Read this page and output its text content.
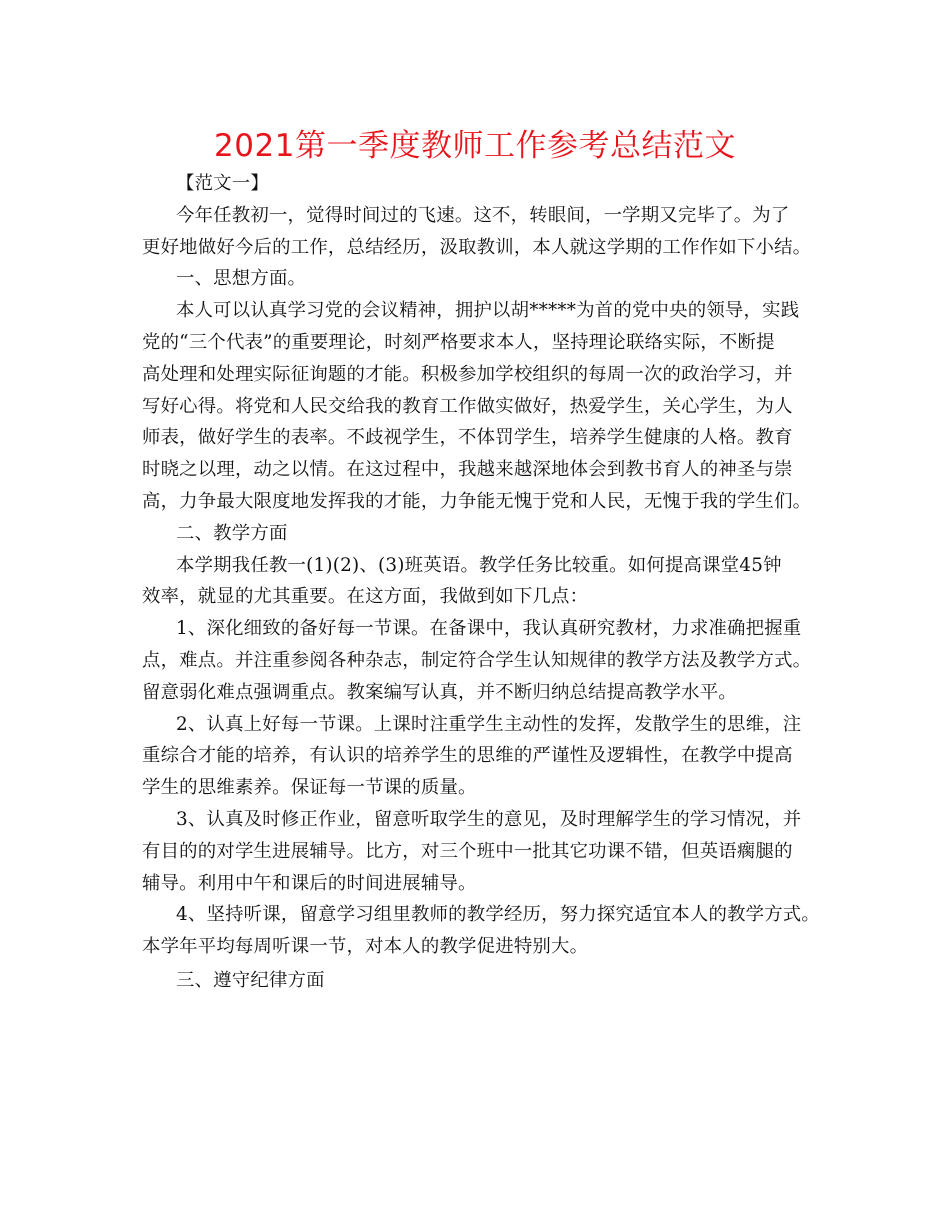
2021第一季度教师工作参考总结范文
【范文一】
今年任教初一，觉得时间过的飞速。这不，转眼间，一学期又完毕了。为了
更好地做好今后的工作，总结经历，汲取教训，本人就这学期的工作作如下小结。
一、思想方面。
本人可以认真学习党的会议精神，拥护以胡*****为首的党中央的领导，实践
党的“三个代表”的重要理论，时刻严格要求本人，坚持理论联络实际，不断提
高处理和处理实际征询题的才能。积极参加学校组织的每周一次的政治学习，并
写好心得。将党和人民交给我的教育工作做实做好，热爱学生，关心学生，为人
师表，做好学生的表率。不歧视学生，不体罚学生，培养学生健康的人格。教育
时晓之以理，动之以情。在这过程中，我越来越深地体会到教书育人的神圣与崇
高，力争最大限度地发挥我的才能，力争能无愧于党和人民，无愧于我的学生们。
二、教学方面
本学期我任教一(1)(2)、(3)班英语。教学任务比较重。如何提高课堂45钟
效率，就显的尤其重要。在这方面，我做到如下几点：
1、深化细致的备好每一节课。在备课中，我认真研究教材，力求准确把握重
点，难点。并注重参阅各种杂志，制定符合学生认知规律的教学方法及教学方式。
留意弱化难点强调重点。教案编写认真，并不断归纳总结提高教学水平。
2、认真上好每一节课。上课时注重学生主动性的发挥，发散学生的思维，注
重综合才能的培养，有认识的培养学生的思维的严谨性及逻辑性，在教学中提高
学生的思维素养。保证每一节课的质量。
3、认真及时修正作业，留意听取学生的意见，及时理解学生的学习情况，并
有目的的对学生进展辅导。比方，对三个班中一批其它功课不错，但英语瘸腿的
辅导。利用中午和课后的时间进展辅导。
4、坚持听课，留意学习组里教师的教学经历，努力探究适宜本人的教学方式。
本学年平均每周听课一节，对本人的教学促进特别大。
三、遵守纪律方面
